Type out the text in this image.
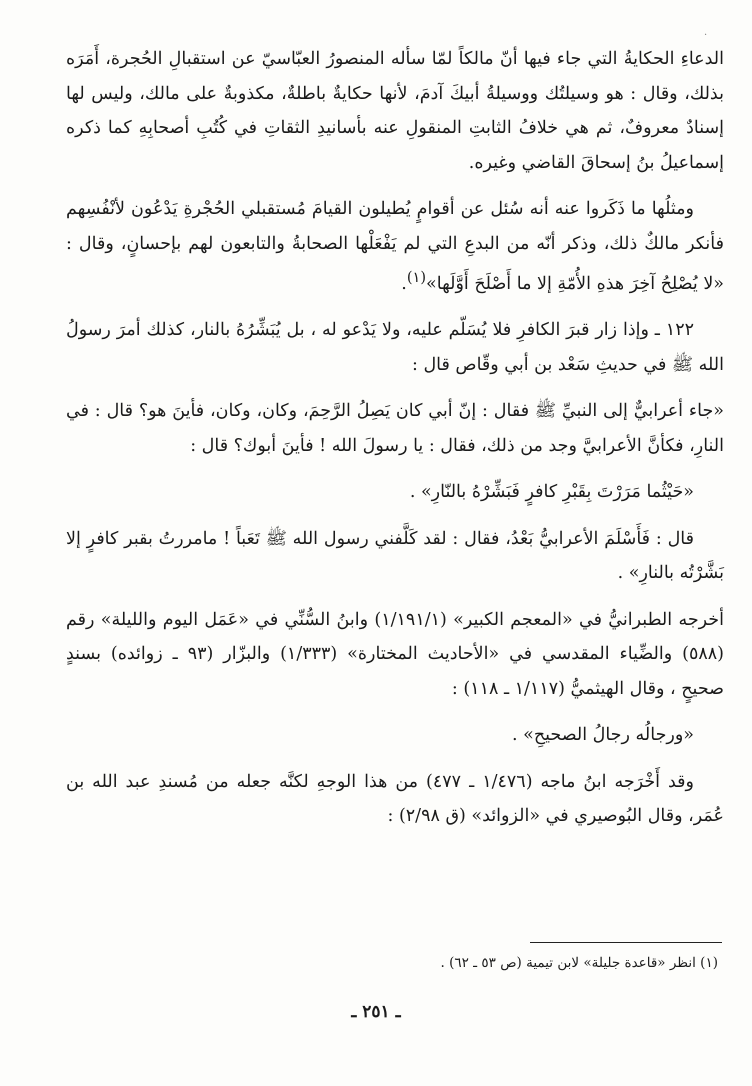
·

الدعاءِ الحكايةُ التي جاء فيها أنّ مالكاً لمّا سأله المنصورُ العبّاسيّ عن استقبالِ الحُجرة، أَمَرَه بذلك، وقال : هو وسيلتُك ووسيلةُ أبيكَ آدمَ، لأنها حكايةٌ باطلةٌ، مكذوبةٌ على مالك، وليس لها إسنادٌ معروفٌ، ثم هي خلافُ الثابتِ المنقولِ عنه بأسانيدِ الثقاتِ في كُتُبِ أصحابِهِ كما ذكره إسماعيلُ بنُ إسحاقَ القاضي وغيره.

ومثلُها ما ذَكَروا عنه أنه سُئل عن أقوامٍ يُطيلون القيامَ مُستقبلي الحُجْرةِ يَدْعُون لأنْفُسِهم فأنكر مالكٌ ذلك، وذكر أنّه من البدعِ التي لم يَفْعَلْها الصحابةُ والتابعون لهم بإحسانٍ، وقال : «لا يُصْلِحُ آخِرَ هذهِ الأُمّةِ إلا ما أَصْلَحَ أَوَّلَها»$^{(١)}$.

١٢٢ ـ وإذا زار قبرَ الكافرِ فلا يُسَلّم عليه، ولا يَدْعو له ، بل يُبَشِّرُهُ بالنار، كذلك أمرَ رسولُ الله ﷺ في حديثِ سَعْد بن أبي وقّاص قال :

«جاء أعرابيٌّ إلى النبيِّ ﷺ فقال : إنّ أبي كان يَصِلُ الرَّحِمَ، وكان، وكان، فأينَ هو؟ قال : في النارِ، فكأنَّ الأعرابيَّ وجد من ذلك، فقال : يا رسولَ الله ! فأينَ أبوك؟ قال :

«حَيْثُما مَرَرْتَ بِقَبْرِ كافرٍ فَبَشِّرْهُ بالنّارِ» .

قال : فَأَسْلَمَ الأعرابيُّ بَعْدُ، فقال : لقد كَلَّفني رسول الله ﷺ تَعَباً ! مامررتُ بقبر كافرٍ إلا بَشَّرْتُه بالنارِ» .

أخرجه الطبرانيُّ في «المعجم الكبير» (١/١٩١/١) وابنُ السُّنِّي في «عَمَل اليوم والليلة» رقم (٥٨٨) والضِّياء المقدسي في «الأحاديث المختارة» (١/٣٣٣) والبزّار (٩٣ ـ زوائده) بسندٍ صحيحٍ ، وقال الهيثميُّ (١/١١٧ ـ ١١٨) :

«ورجالُه رجالُ الصحيحِ» .

وقد أَخْرَجه ابنُ ماجه (١/٤٧٦ ـ ٤٧٧) من هذا الوجهِ لكنَّه جعله من مُسندِ عبد الله بن عُمَر، وقال البُوصيري في «الزوائد» (ق ٢/٩٨) :

(١) انظر «قاعدة جليلة» لابن تيمية (ص ٥٣ ـ ٦٢) .
ـ ٢٥١ ـ
